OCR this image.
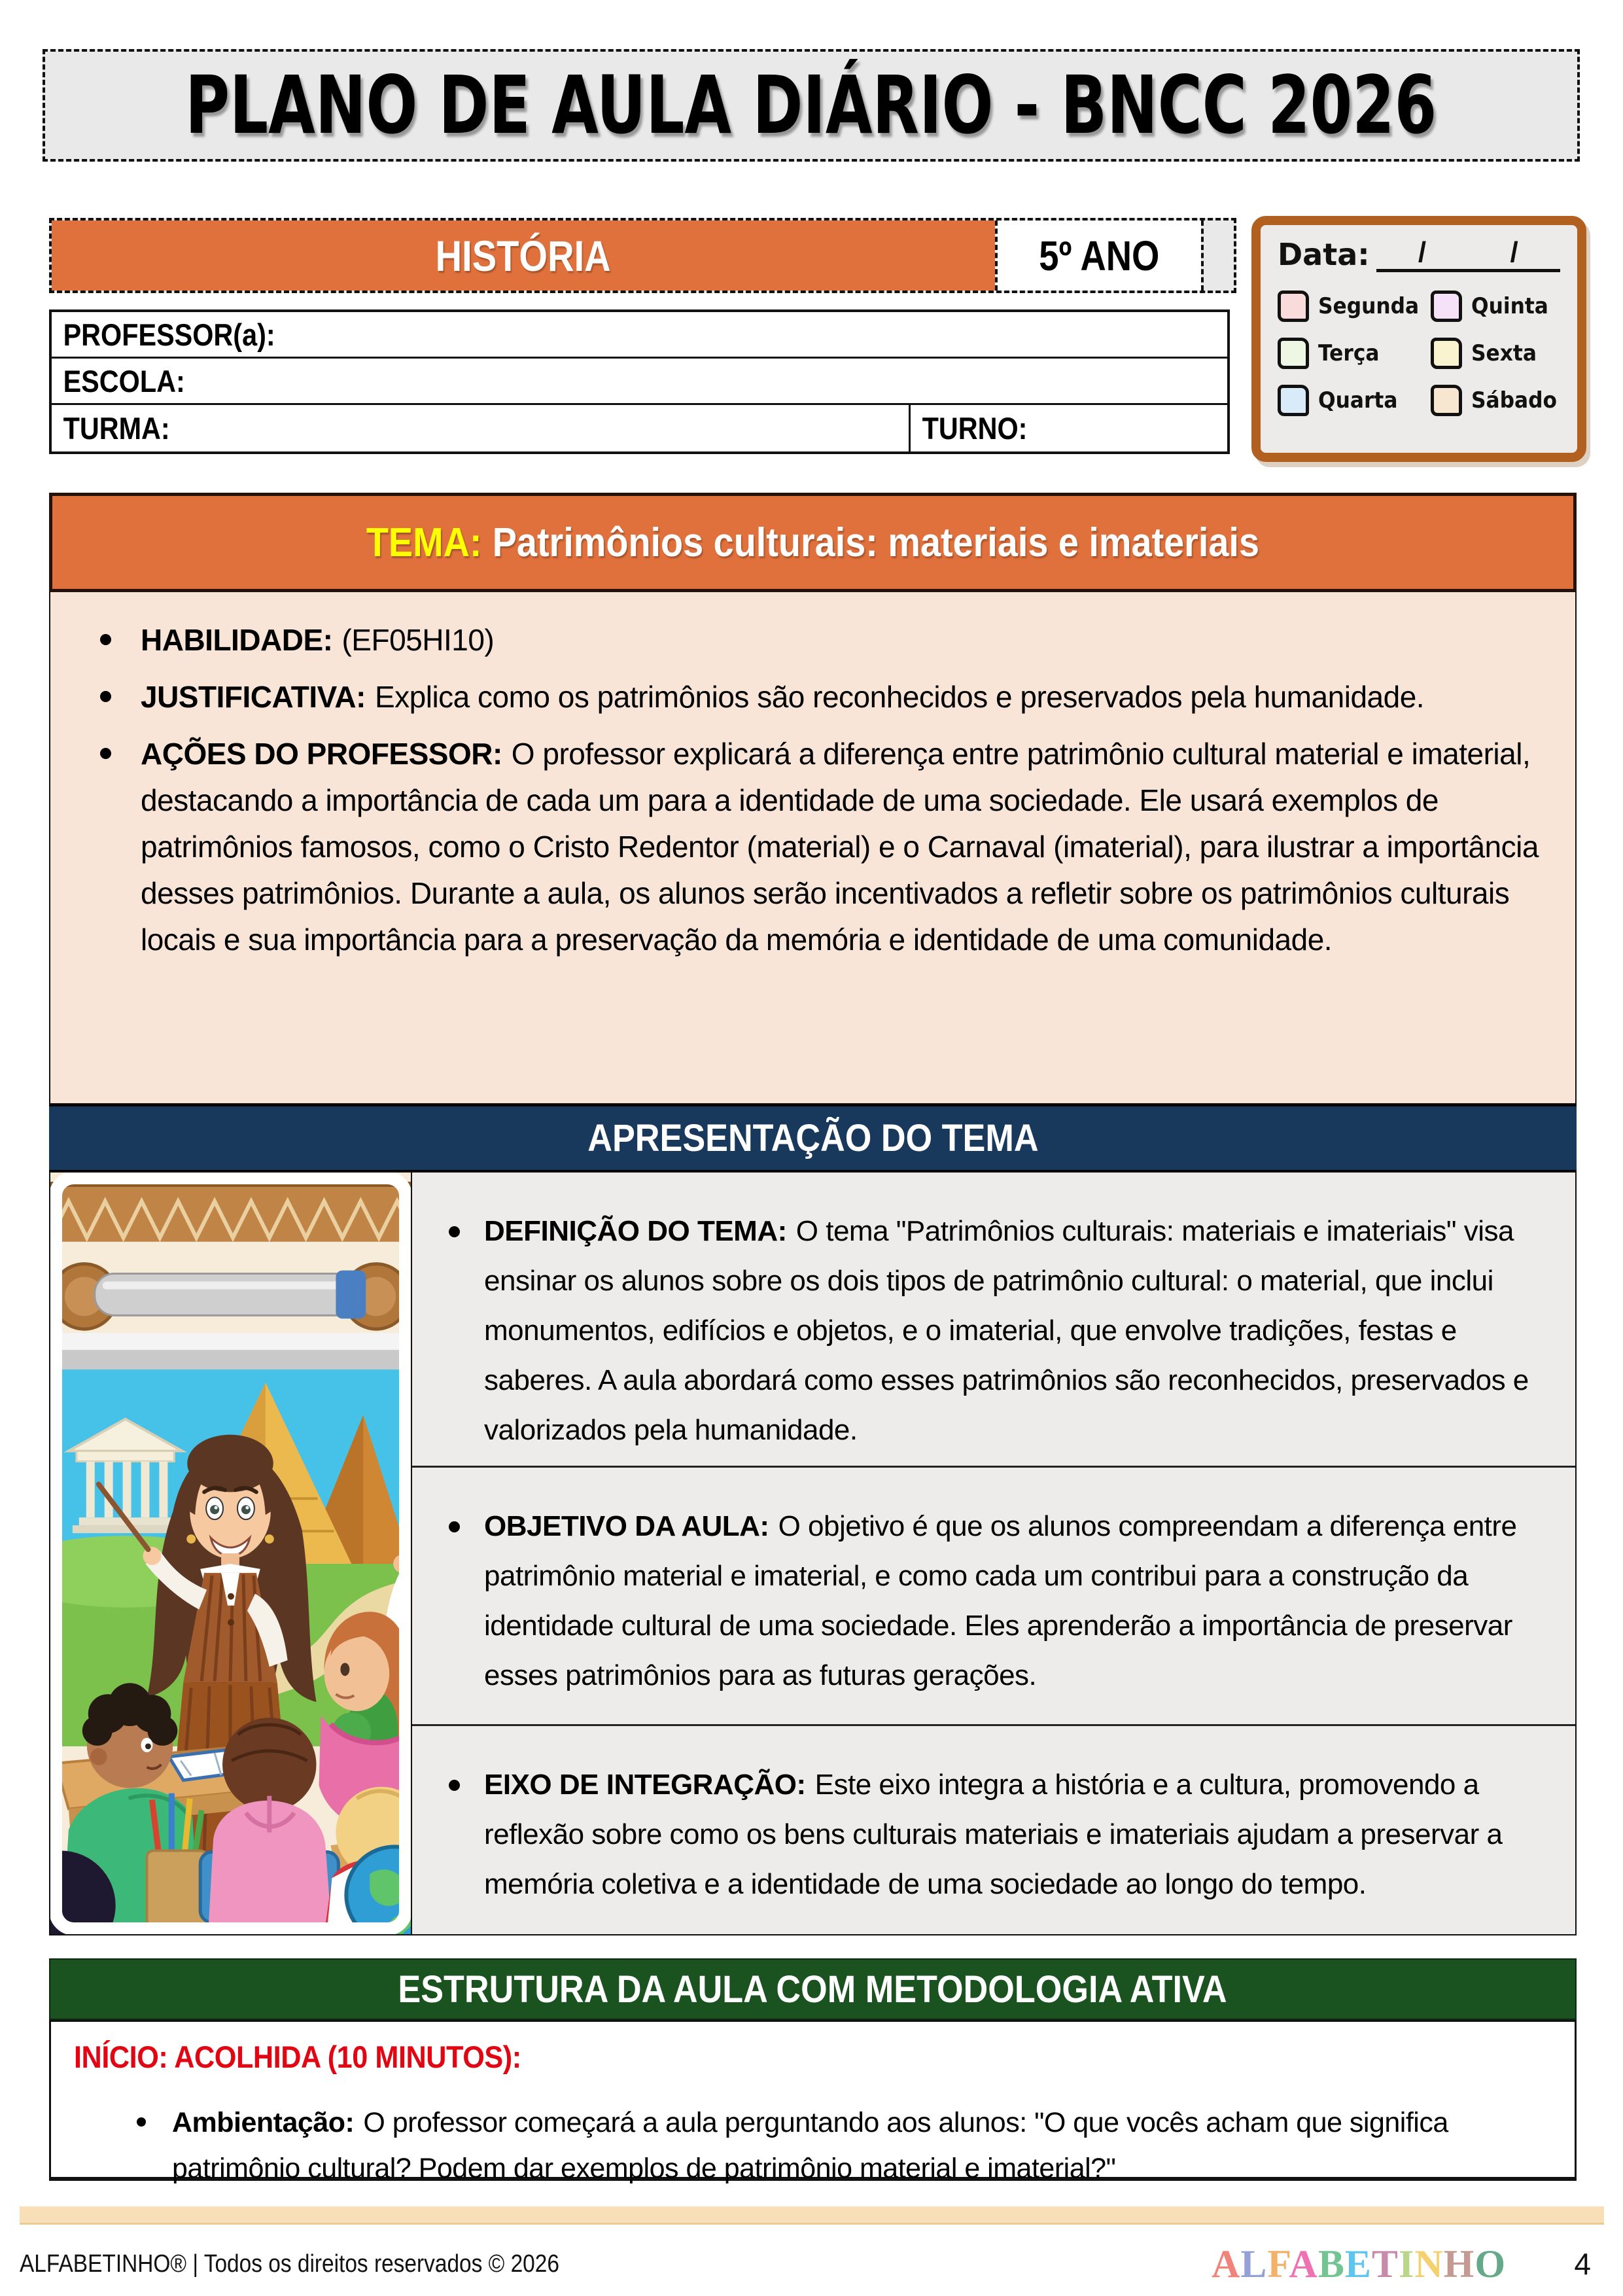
PLANO DE AULA DIÁRIO - BNCC 2026
HISTÓRIA	5º ANO
PROFESSOR(a):
ESCOLA:
TURMA:	TURNO:
Data: /	/
Segunda Quinta
Terça	Sexta
Quarta	Sábado
TEMA: Patrimônios culturais: materiais e imateriais
HABILIDADE: (EF05HI10)
JUSTIFICATIVA: Explica como os patrimônios são reconhecidos e preservados pela humanidade.
AÇÕES DO PROFESSOR: O professor explicará a diferença entre patrimônio cultural material e imaterial, destacando a importância de cada um para a identidade de uma sociedade. Ele usará exemplos de patrimônios famosos, como o Cristo Redentor (material) e o Carnaval (imaterial), para ilustrar a importância desses patrimônios. Durante a aula, os alunos serão incentivados a refletir sobre os patrimônios culturais locais e sua importância para a preservação da memória e identidade de uma comunidade.
APRESENTAÇÃO DO TEMA
DEFINIÇÃO DO TEMA: O tema "Patrimônios culturais: materiais e imateriais" visa ensinar os alunos sobre os dois tipos de patrimônio cultural: o material, que inclui monumentos, edifícios e objetos, e o imaterial, que envolve tradições, festas e saberes. A aula abordará como esses patrimônios são reconhecidos, preservados e valorizados pela humanidade.
OBJETIVO DA AULA: O objetivo é que os alunos compreendam a diferença entre patrimônio material e imaterial, e como cada um contribui para a construção da identidade cultural de uma sociedade. Eles aprenderão a importância de preservar esses patrimônios para as futuras gerações.
EIXO DE INTEGRAÇÃO: Este eixo integra a história e a cultura, promovendo a reflexão sobre como os bens culturais materiais e imateriais ajudam a preservar a memória coletiva e a identidade de uma sociedade ao longo do tempo.
ESTRUTURA DA AULA COM METODOLOGIA ATIVA
INÍCIO: ACOLHIDA (10 MINUTOS):
Ambientação: O professor começará a aula perguntando aos alunos: "O que vocês acham que significa patrimônio cultural? Podem dar exemplos de patrimônio material e imaterial?"
ALFABETINHO® | Todos os direitos reservados © 2026	ALFABETINHO	4
